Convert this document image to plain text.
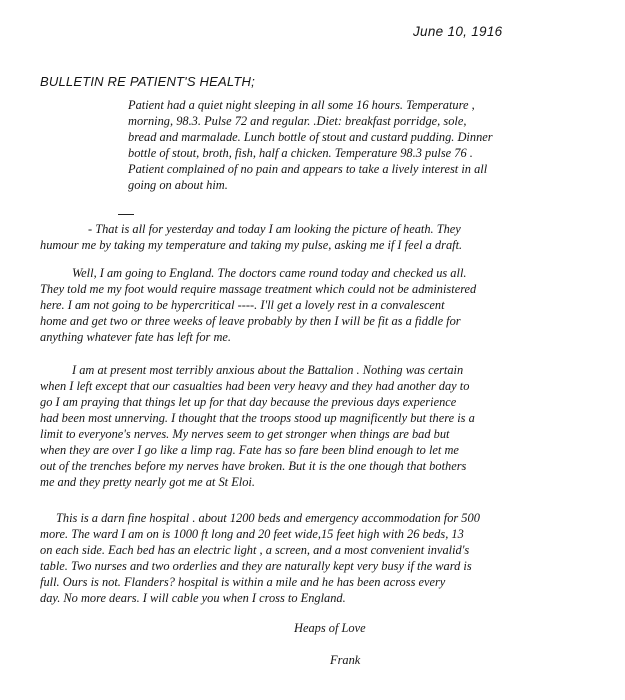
June 10, 1916
BULLETIN RE PATIENT'S HEALTH;
Patient had a quiet night sleeping in all some 16 hours. Temperature ,
morning, 98.3. Pulse 72 and regular. .Diet: breakfast porridge, sole,
bread and marmalade. Lunch bottle of stout and custard pudding. Dinner
bottle of stout, broth, fish, half a chicken. Temperature 98.3 pulse 76 .
Patient complained of no pain and appears to take a lively interest in all
going on about him.
- That is all for yesterday and today I am looking the picture of heath. They
humour me by taking my temperature and taking my pulse, asking me if I feel a draft.
Well, I am going to England. The doctors came round today and checked us all.
They told me my foot would require massage treatment which could not be administered
here. I am not going to be hypercritical ----. I'll get a lovely rest in a convalescent
home and get two or three weeks of leave probably by then I will be fit as a fiddle for
anything whatever fate has left for me.
I am at present most terribly anxious about the Battalion . Nothing was certain
when I left except that our casualties had been very heavy and they had another day to
go I am praying that things let up for that day because the previous days experience
had been most unnerving. I thought that the troops stood up magnificently but there is a
limit to everyone's nerves. My nerves seem to get stronger when things are bad but
when they are over I go like a limp rag. Fate has so fare been blind enough to let me
out of the trenches before my nerves have broken. But it is the one though that bothers
me and they pretty nearly got me at St Eloi.
This is a darn fine hospital . about 1200 beds and emergency accommodation for 500
more. The ward I am on is 1000 ft long and 20 feet wide,15 feet high with 26 beds, 13
on each side. Each bed has an electric light , a screen, and a most convenient invalid's
table. Two nurses and two orderlies and they are naturally kept very busy if the ward is
full. Ours is not. Flanders? hospital is within a mile and he has been across every
day. No more dears. I will cable you when I cross to England.
Heaps of Love
Frank
